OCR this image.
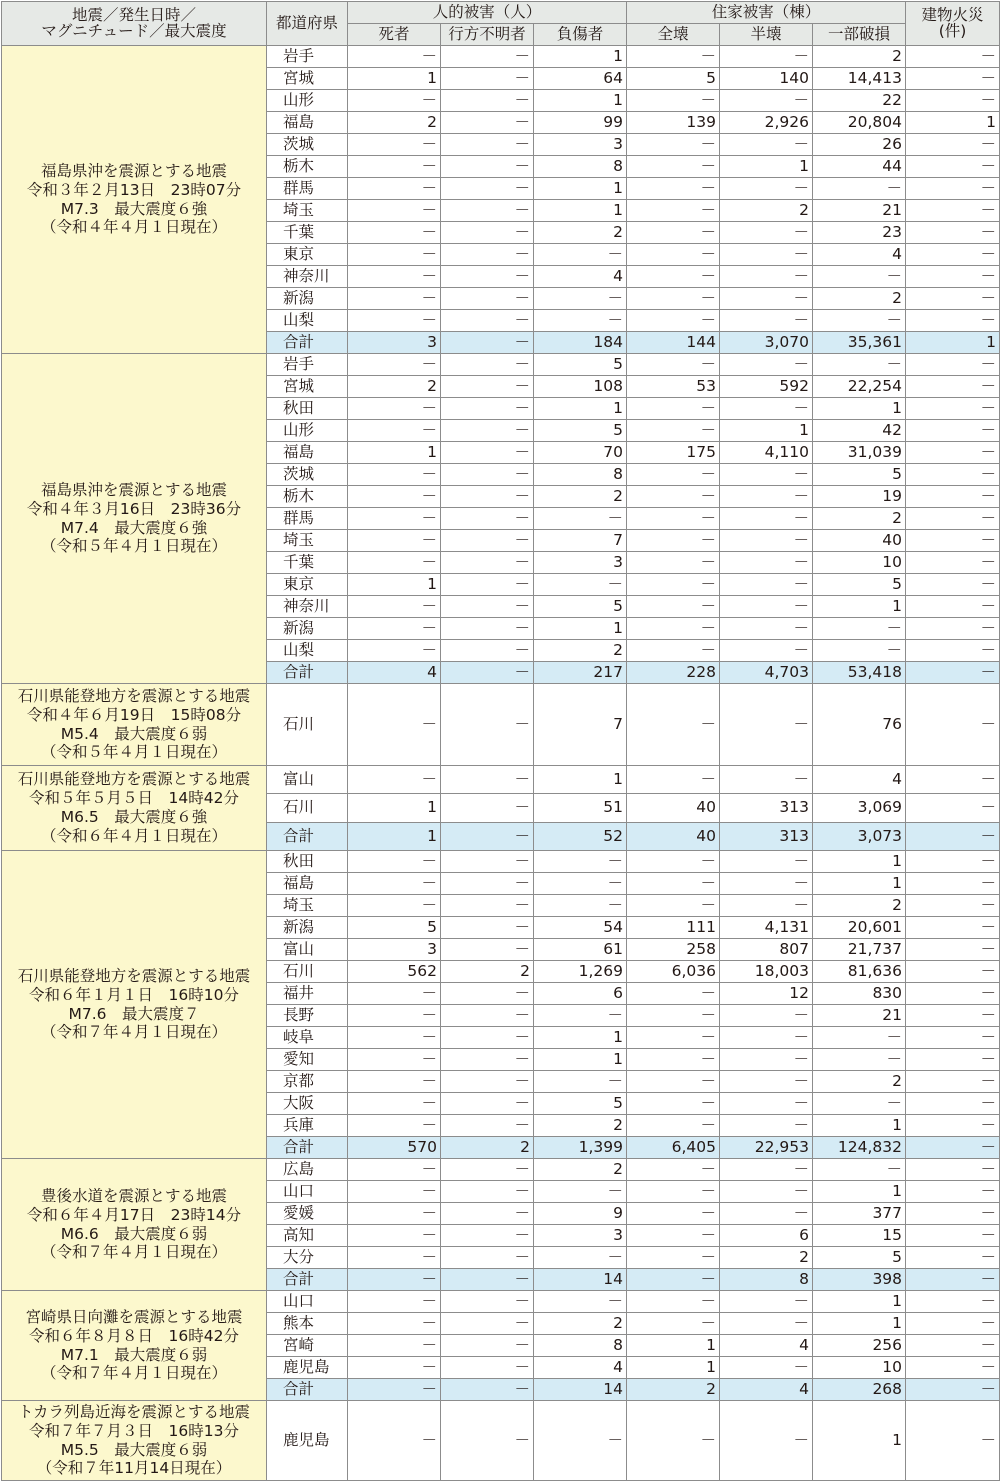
地震／発生日時／
マグニチュード／最大震度	都道府県	人的被害（人）			住家被害（棟）			建物火災
(件)

		死者	行方不明者	負傷者	全壊	半壊	一部破損	

福島県沖を震源とする地震
令和３年２月13日　23時07分
M7.3　最大震度６強
（令和４年４月１日現在）	岩手	－	－	1	－	－	2	－
	宮城	1	－	64	5	140	14,413	－
	山形	－	－	1	－	－	22	－
	福島	2	－	99	139	2,926	20,804	1
	茨城	－	－	3	－	－	26	－
	栃木	－	－	8	－	1	44	－
	群馬	－	－	1	－	－	－	－
	埼玉	－	－	1	－	2	21	－
	千葉	－	－	2	－	－	23	－
	東京	－	－	－	－	－	4	－
	神奈川	－	－	4	－	－	－	－
	新潟	－	－	－	－	－	2	－
	山梨	－	－	－	－	－	－	－
	合計	3	－	184	144	3,070	35,361	1

福島県沖を震源とする地震
令和４年３月16日　23時36分
M7.4　最大震度６強
（令和５年４月１日現在）	岩手	－	－	5	－	－	－	－
	宮城	2	－	108	53	592	22,254	－
	秋田	－	－	1	－	－	1	－
	山形	－	－	5	－	1	42	－
	福島	1	－	70	175	4,110	31,039	－
	茨城	－	－	8	－	－	5	－
	栃木	－	－	2	－	－	19	－
	群馬	－	－	－	－	－	2	－
	埼玉	－	－	7	－	－	40	－
	千葉	－	－	3	－	－	10	－
	東京	1	－	－	－	－	5	－
	神奈川	－	－	5	－	－	1	－
	新潟	－	－	1	－	－	－	－
	山梨	－	－	2	－	－	－	－
	合計	4	－	217	228	4,703	53,418	－

石川県能登地方を震源とする地震
令和４年６月19日　15時08分
M5.4　最大震度６弱
（令和５年４月１日現在）	石川	－	－	7	－	－	76	－

石川県能登地方を震源とする地震
令和５年５月５日　14時42分
M6.5　最大震度６強
（令和６年４月１日現在）	富山	－	－	1	－	－	4	－
	石川	1	－	51	40	313	3,069	－
	合計	1	－	52	40	313	3,073	－

石川県能登地方を震源とする地震
令和６年１月１日　16時10分
M7.6　最大震度７
（令和７年４月１日現在）	秋田	－	－	－	－	－	1	－
	福島	－	－	－	－	－	1	－
	埼玉	－	－	－	－	－	2	－
	新潟	5	－	54	111	4,131	20,601	－
	富山	3	－	61	258	807	21,737	－
	石川	562	2	1,269	6,036	18,003	81,636	－
	福井	－	－	6	－	12	830	－
	長野	－	－	－	－	－	21	－
	岐阜	－	－	1	－	－	－	－
	愛知	－	－	1	－	－	－	－
	京都	－	－	－	－	－	2	－
	大阪	－	－	5	－	－	－	－
	兵庫	－	－	2	－	－	1	－
	合計	570	2	1,399	6,405	22,953	124,832	－

豊後水道を震源とする地震
令和６年４月17日　23時14分
M6.6　最大震度６弱
（令和７年４月１日現在）	広島	－	－	2	－	－	－	－
	山口	－	－	－	－	－	1	－
	愛媛	－	－	9	－	－	377	－
	高知	－	－	3	－	6	15	－
	大分	－	－	－	－	2	5	－
	合計	－	－	14	－	8	398	－

宮崎県日向灘を震源とする地震
令和６年８月８日　16時42分
M7.1　最大震度６弱
（令和７年４月１日現在）	山口	－	－	－	－	－	1	－
	熊本	－	－	2	－	－	1	－
	宮崎	－	－	8	1	4	256	－
	鹿児島	－	－	4	1	－	10	－
	合計	－	－	14	2	4	268	－

トカラ列島近海を震源とする地震
令和７年７月３日　16時13分
M5.5　最大震度６弱
（令和７年11月14日現在）	鹿児島	－	－	－	－	－	1	－
